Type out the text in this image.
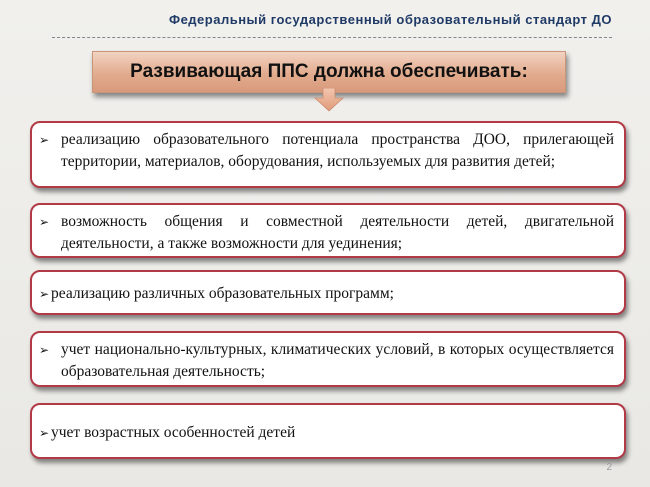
Федеральный государственный образовательный стандарт ДО
Развивающая ППС должна обеспечивать:
➢ реализацию образовательного потенциала пространства ДОО, прилегающей территории, материалов, оборудования, используемых для развития детей;
➢ возможность общения и совместной деятельности детей, двигательной деятельности, а также возможности для уединения;
➢ реализацию различных образовательных программ;
➢ учет национально-культурных, климатических условий, в которых осуществляется образовательная деятельность;
➢ учет возрастных особенностей детей
2
